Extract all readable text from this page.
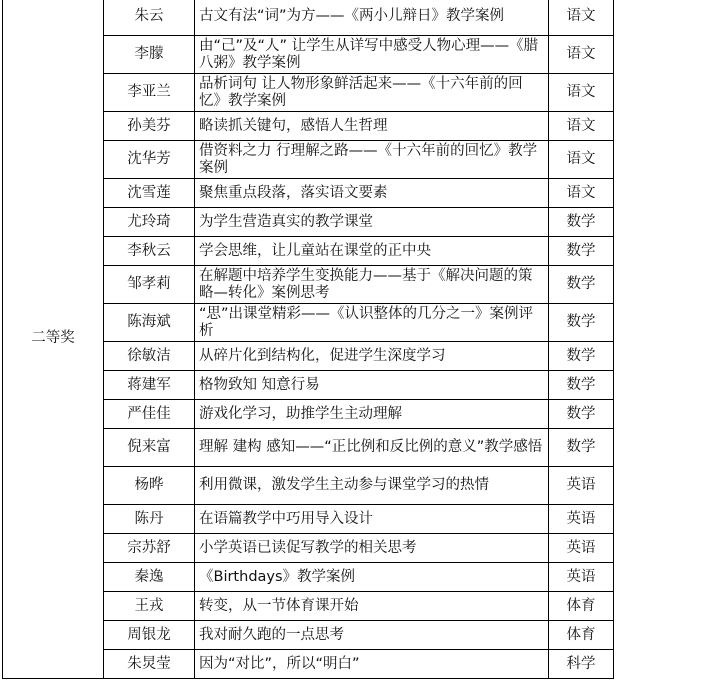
二等奖	朱云	古文有法“词”为方——《两小儿辩日》教学案例	语文
	李朦	由“己”及“人” 让学生从详写中感受人物心理——《腊八粥》教学案例	语文
	李亚兰	品析词句 让人物形象鲜活起来——《十六年前的回忆》教学案例	语文
	孙美芬	略读抓关键句，感悟人生哲理	语文
	沈华芳	借资料之力 行理解之路——《十六年前的回忆》教学案例	语文
	沈雪莲	聚焦重点段落，落实语文要素	语文
	尤玲琦	为学生营造真实的教学课堂	数学
	李秋云	学会思维，让儿童站在课堂的正中央	数学
	邹孝莉	在解题中培养学生变换能力——基于《解决问题的策略—转化》案例思考	数学
	陈海斌	“思”出课堂精彩——《认识整体的几分之一》案例评析	数学
	徐敏洁	从碎片化到结构化，促进学生深度学习	数学
	蒋建军	格物致知 知意行易	数学
	严佳佳	游戏化学习，助推学生主动理解	数学
	倪来富	理解 建构 感知——“正比例和反比例的意义”教学感悟	数学
	杨晔	利用微课，激发学生主动参与课堂学习的热情	英语
	陈丹	在语篇教学中巧用导入设计	英语
	宗苏舒	小学英语已读促写教学的相关思考	英语
	秦逸	《Birthdays》教学案例	英语
	王戎	转变，从一节体育课开始	体育
	周银龙	我对耐久跑的一点思考	体育
	朱炅莹	因为“对比”，所以“明白”	科学
